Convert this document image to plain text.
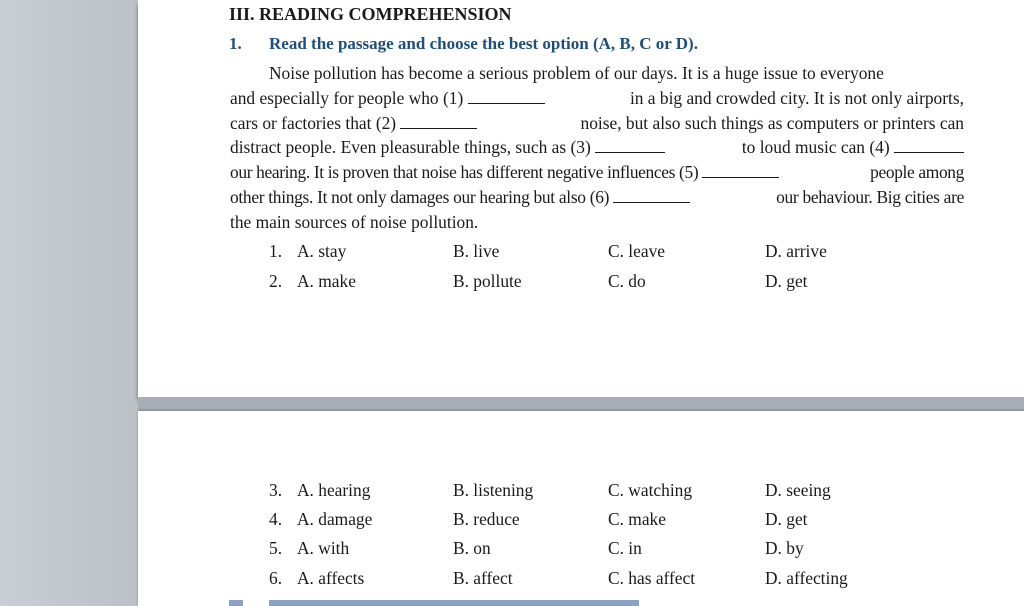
III. READING COMPREHENSION
1. Read the passage and choose the best option (A, B, C or D).
Noise pollution has become a serious problem of our days. It is a huge issue to everyone
and especially for people who (1)	in a big and crowded city. It is not only airports,
cars or factories that (2)	noise, but also such things as computers or printers can
distract people. Even pleasurable things, such as (3)	to loud music can (4)
our hearing. It is proven that noise has different negative influences (5)	people among
other things. It not only damages our hearing but also (6)	our behaviour. Big cities are
the main sources of noise pollution.
1. A. stay	B. live	C. leave	D. arrive
2. A. make	B. pollute	C. do	D. get
3. A. hearing	B. listening	C. watching	D. seeing
4. A. damage	B. reduce	C. make	D. get
5. A. with	B. on	C. in	D. by
6. A. affects	B. affect	C. has affect	D. affecting
